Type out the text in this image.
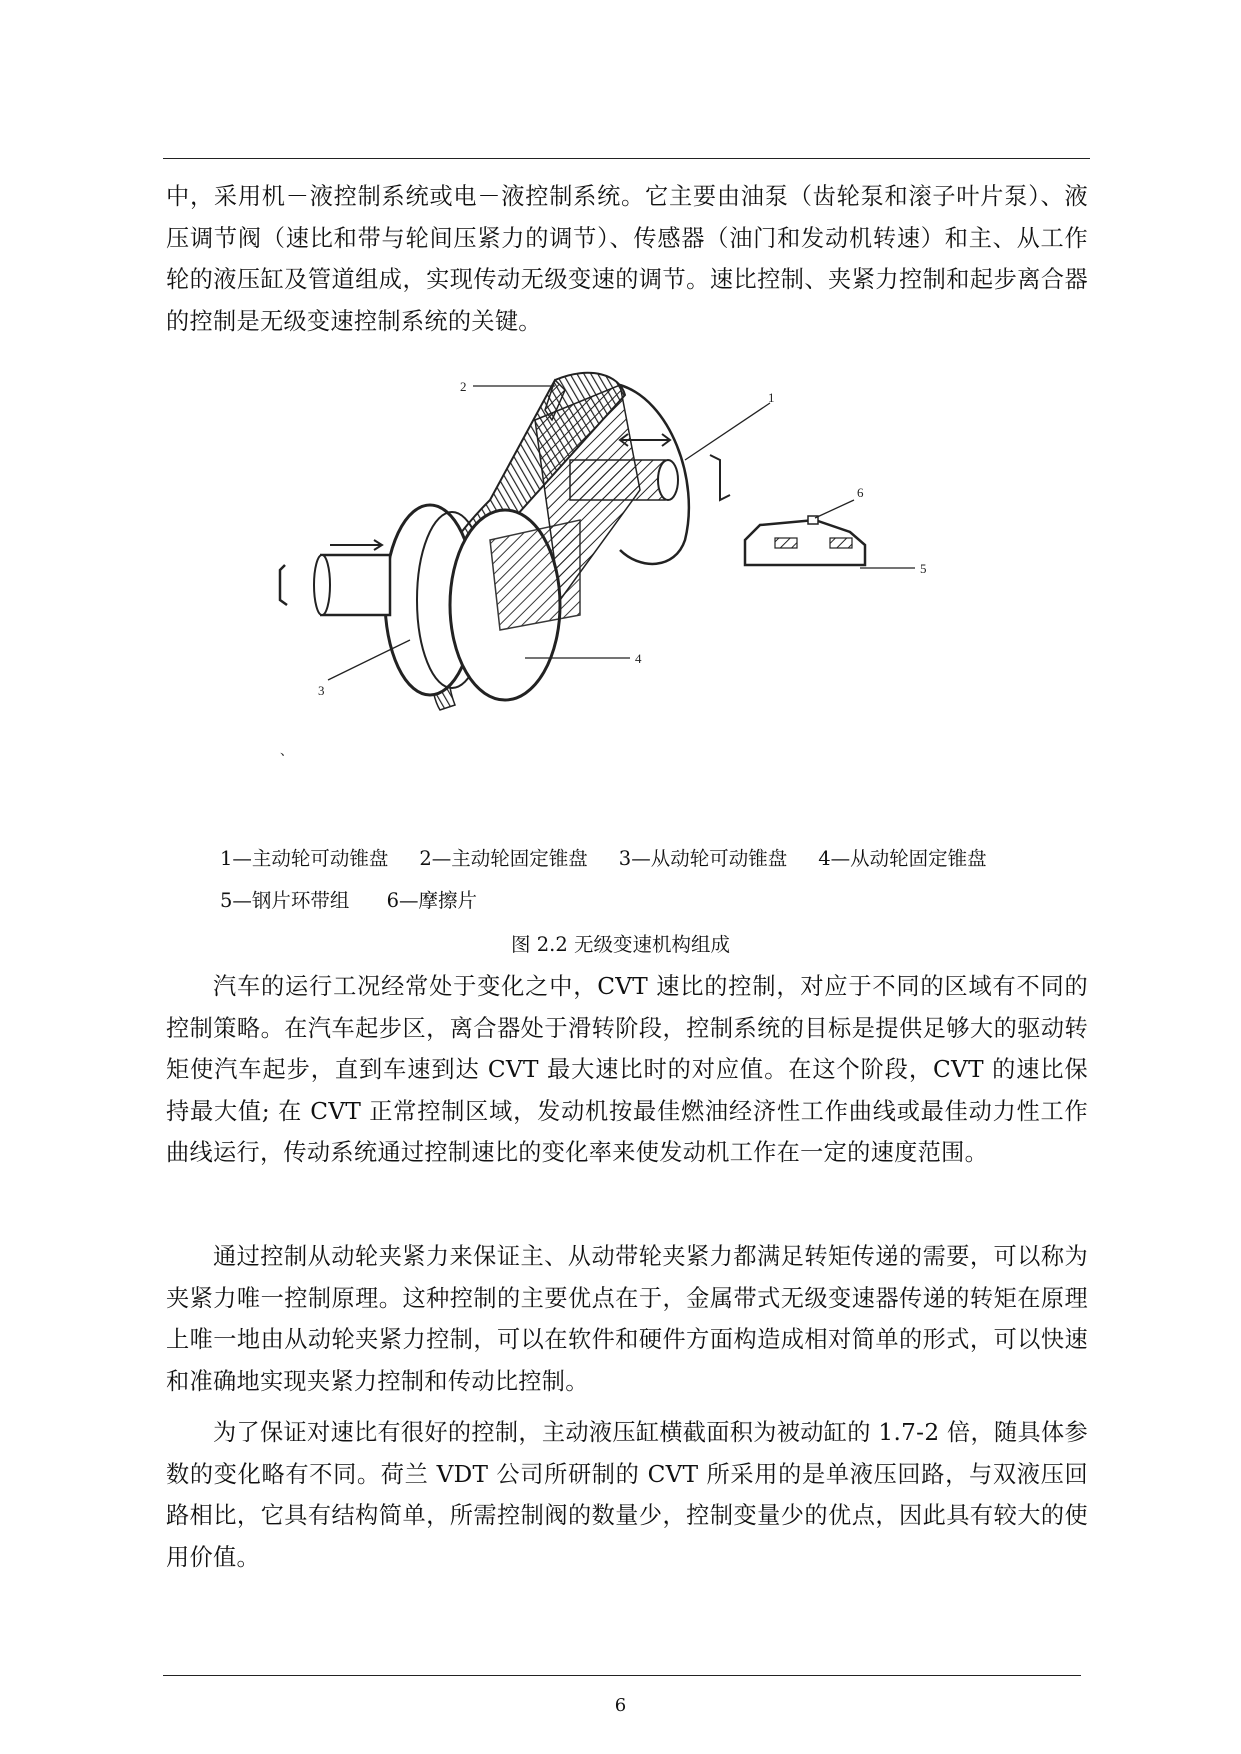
中，采用机－液控制系统或电－液控制系统。它主要由油泵（齿轮泵和滚子叶片泵）、液压调节阀（速比和带与轮间压紧力的调节）、传感器（油门和发动机转速）和主、从工作轮的液压缸及管道组成，实现传动无级变速的调节。速比控制、夹紧力控制和起步离合器的控制是无级变速控制系统的关键。

2
1
6
5
4
3
、

1—主动轮可动锥盘     2—主动轮固定锥盘     3—从动轮可动锥盘     4—从动轮固定锥盘

5—钢片环带组      6—摩擦片

图 2.2 无级变速机构组成

汽车的运行工况经常处于变化之中，CVT 速比的控制，对应于不同的区域有不同的控制策略。在汽车起步区，离合器处于滑转阶段，控制系统的目标是提供足够大的驱动转矩使汽车起步，直到车速到达 CVT 最大速比时的对应值。在这个阶段，CVT 的速比保持最大值; 在 CVT 正常控制区域，发动机按最佳燃油经济性工作曲线或最佳动力性工作曲线运行，传动系统通过控制速比的变化率来使发动机工作在一定的速度范围。

通过控制从动轮夹紧力来保证主、从动带轮夹紧力都满足转矩传递的需要，可以称为夹紧力唯一控制原理。这种控制的主要优点在于，金属带式无级变速器传递的转矩在原理上唯一地由从动轮夹紧力控制，可以在软件和硬件方面构造成相对简单的形式，可以快速和准确地实现夹紧力控制和传动比控制。

为了保证对速比有很好的控制，主动液压缸横截面积为被动缸的 1.7-2 倍，随具体参数的变化略有不同。荷兰 VDT 公司所研制的 CVT 所采用的是单液压回路，与双液压回路相比，它具有结构简单，所需控制阀的数量少，控制变量少的优点，因此具有较大的使用价值。

6
